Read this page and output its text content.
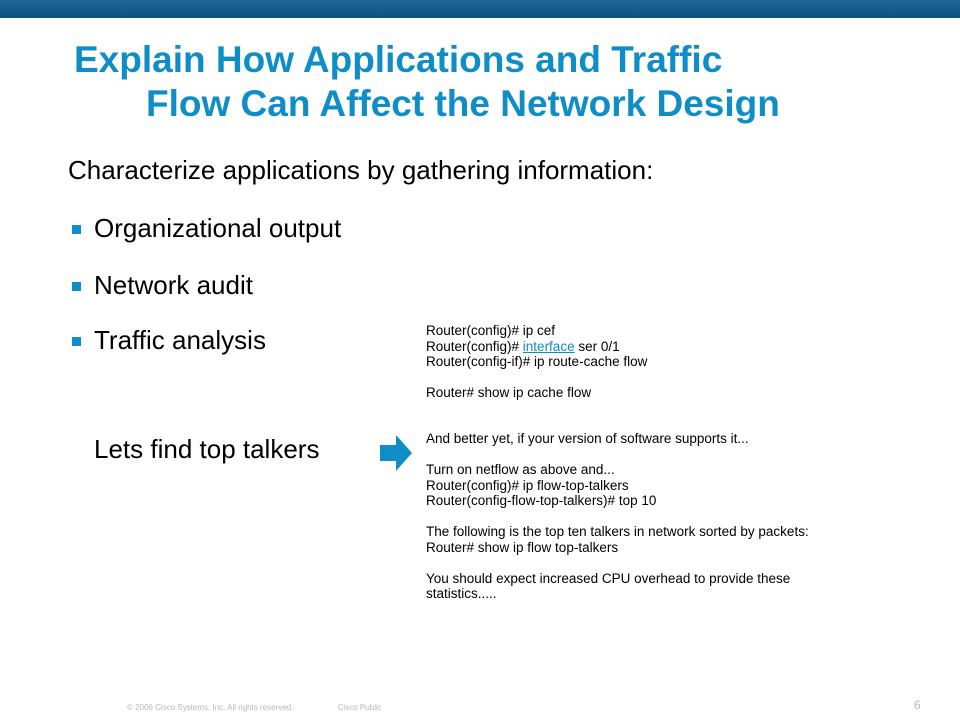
Explain How Applications and Traffic
Flow Can Affect the Network Design
Characterize applications by gathering information:
Organizational output
Network audit
Traffic analysis
Lets find top talkers
Router(config)# ip cef
Router(config)# interface ser 0/1
Router(config-if)# ip route-cache flow
Router# show ip cache flow
And better yet, if your version of software supports it...
Turn on netflow as above and...
Router(config)# ip flow-top-talkers
Router(config-flow-top-talkers)# top 10
The following is the top ten talkers in network sorted by packets:
Router# show ip flow top-talkers
You should expect increased CPU overhead to provide these
statistics.....
© 2006 Cisco Systems, Inc. All rights reserved.	Cisco Public	6
